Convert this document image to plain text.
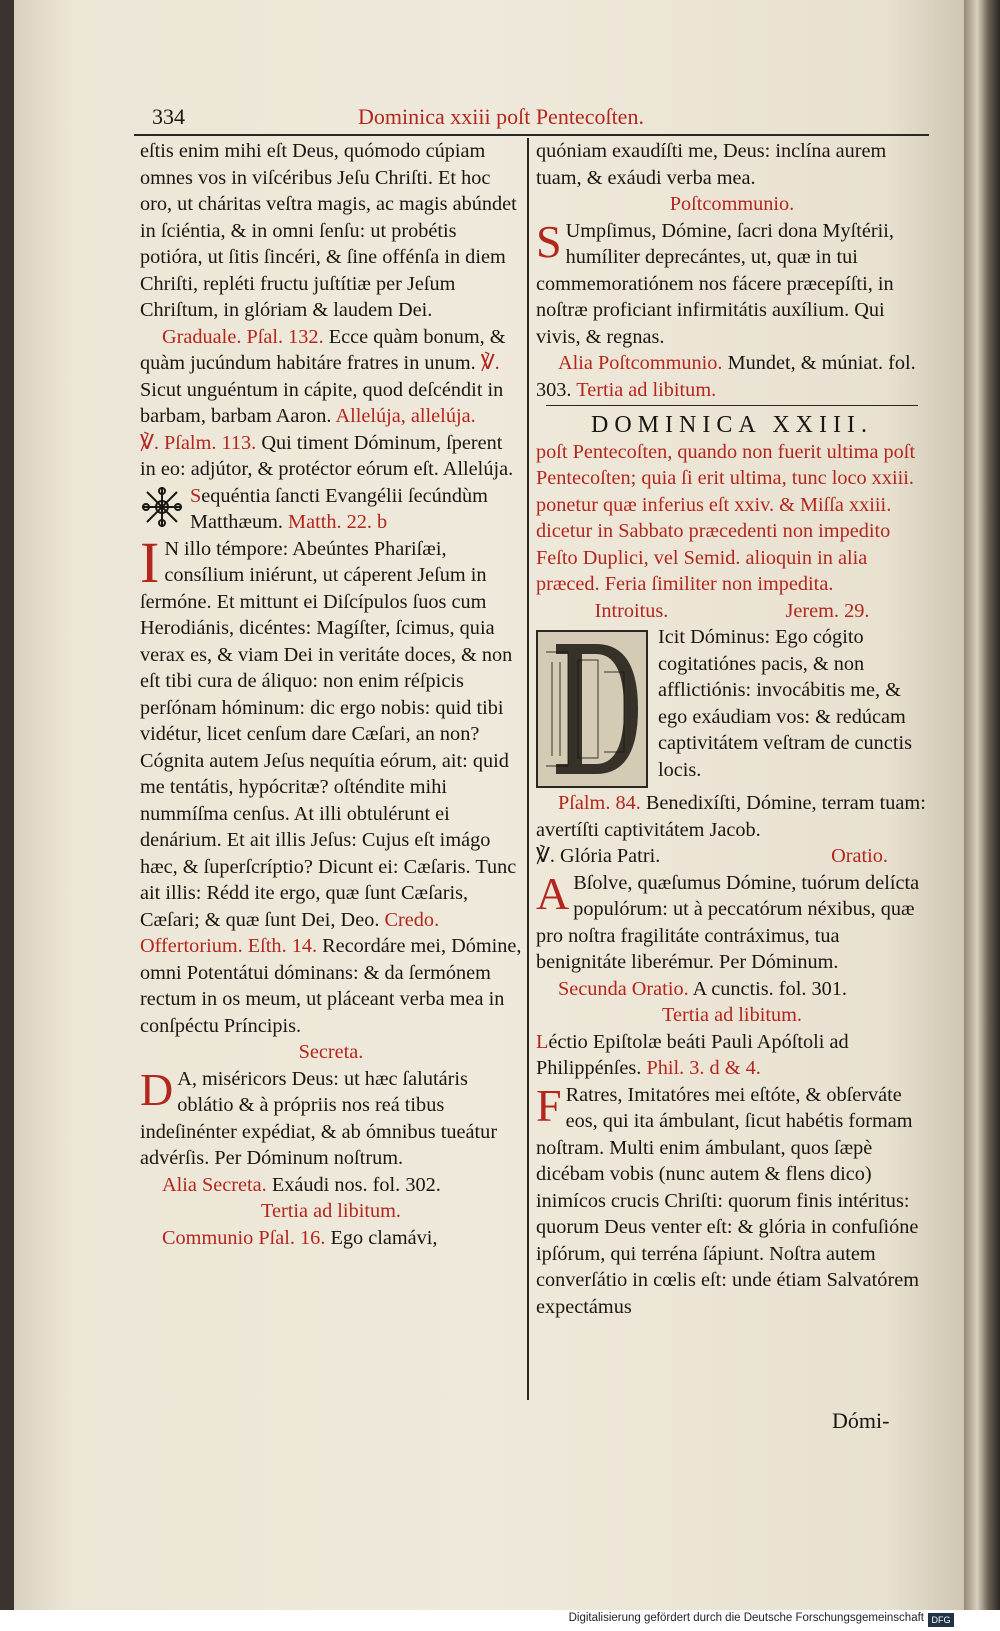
334	Dominica xxiii poſt Pentecoſten.

eſtis enim mihi eſt Deus, quómodo cúpiam omnes vos in viſcéribus Jeſu Chriſti. Et hoc oro, ut cháritas veſtra magis, ac magis abúndet in ſciéntia, & in omni ſenſu: ut probétis potióra, ut ſitis ſincéri, & ſine offénſa in diem Chriſti, repléti fructu juſtítiæ per Jeſum Chriſtum, in glóriam & laudem Dei.

Graduale. Pſal. 132. Ecce quàm bonum, & quàm jucúndum habitáre fratres in unum. ℣. Sicut unguéntum in cápite, quod deſcéndit in barbam, barbam Aaron. Allelúja, allelúja.

℣. Pſalm. 113. Qui timent Dóminum, ſperent in eo: adjútor, & protéctor eórum eſt. Allelúja.

Sequéntia ſancti Evangélii ſecúndùm Matthæum. Matth. 22. b

I N illo témpore: Abeúntes Phariſæi, consílium iniérunt, ut cáperent Jeſum in ſermóne. Et mittunt ei Diſcípulos ſuos cum Herodiánis, dicéntes: Magíſter, ſcimus, quia verax es, & viam Dei in veritáte doces, & non eſt tibi cura de áliquo: non enim réſpicis perſónam hóminum: dic ergo nobis: quid tibi vidétur, licet cenſum dare Cæſari, an non? Cógnita autem Jeſus nequítia eórum, ait: quid me tentátis, hypócritæ? oſténdite mihi nummíſma cenſus. At illi obtulérunt ei denárium. Et ait illis Jeſus: Cujus eſt imágo hæc, & ſuperſcríptio? Dicunt ei: Cæſaris. Tunc ait illis: Rédd ite ergo, quæ ſunt Cæſaris, Cæſari; & quæ ſunt Dei, Deo. Credo.

Offertorium. Eſth. 14. Recordáre mei, Dómine, omni Potentátui dóminans: & da ſermónem rectum in os meum, ut pláceant verba mea in conſpéctu Príncipis.

Secreta.

D A, miséricors Deus: ut hæc ſalutáris oblátio & à própriis nos reá tibus indeſinénter expédiat, & ab ómnibus tueátur advérſis. Per Dóminum noſtrum.

Alia Secreta. Exáudi nos. fol. 302.

Tertia ad libitum.

Communio Pſal. 16. Ego clamávi,

quóniam exaudíſti me, Deus: inclína aurem tuam, & exáudi verba mea.

Poſtcommunio.

S Umpſimus, Dómine, ſacri dona Myſtérii, humíliter deprecántes, ut, quæ in tui commemoratiónem nos fácere præcepíſti, in noſtræ proficiant infirmitátis auxílium. Qui vivis, & regnas.

Alia Poſtcommunio. Mundet, & múniat. fol. 303. Tertia ad libitum.

DOMINICA XXIII.

poſt Pentecoſten, quando non fuerit ultima poſt Pentecoſten; quia ſi erit ultima, tunc loco xxiii. ponetur quæ inferius eſt xxiv. & Miſſa xxiii. dicetur in Sabbato præcedenti non impedito Feſto Duplici, vel Semid. alioquin in alia præced. Feria ſimiliter non impedita.

Introitus.	Jerem. 29.

Icit Dóminus: Ego cógito cogitatiónes pacis, & non afflictiónis: invocábitis me, & ego exáudiam vos: & redúcam captivitátem veſtram de cunctis locis.

Pſalm. 84. Benedixíſti, Dómine, terram tuam: avertíſti captivitátem Jacob.

℣. Glória Patri.	Oratio.

A Bſolve, quæſumus Dómine, tuórum delícta populórum: ut à peccatórum néxibus, quæ pro noſtra fragilitáte contráximus, tua benignitáte liberémur. Per Dóminum.

Secunda Oratio. A cunctis. fol. 301.

Tertia ad libitum.

Léctio Epiſtolæ beáti Pauli Apóſtoli ad Philippénſes. Phil. 3. d & 4.

F Ratres, Imitatóres mei eſtóte, & obſerváte eos, qui ita ámbulant, ſicut habétis formam noſtram. Multi enim ámbulant, quos ſæpè dicébam vobis (nunc autem & flens dico) inimícos crucis Chriſti: quorum finis intéritus: quorum Deus venter eſt: & glória in confuſióne ipſórum, qui terréna ſápiunt. Noſtra autem converſátio in cœlis eſt: unde étiam Salvatórem expectámus

Dómi-
Digitalisierung gefördert durch die Deutsche Forschungsgemeinschaft DFG
